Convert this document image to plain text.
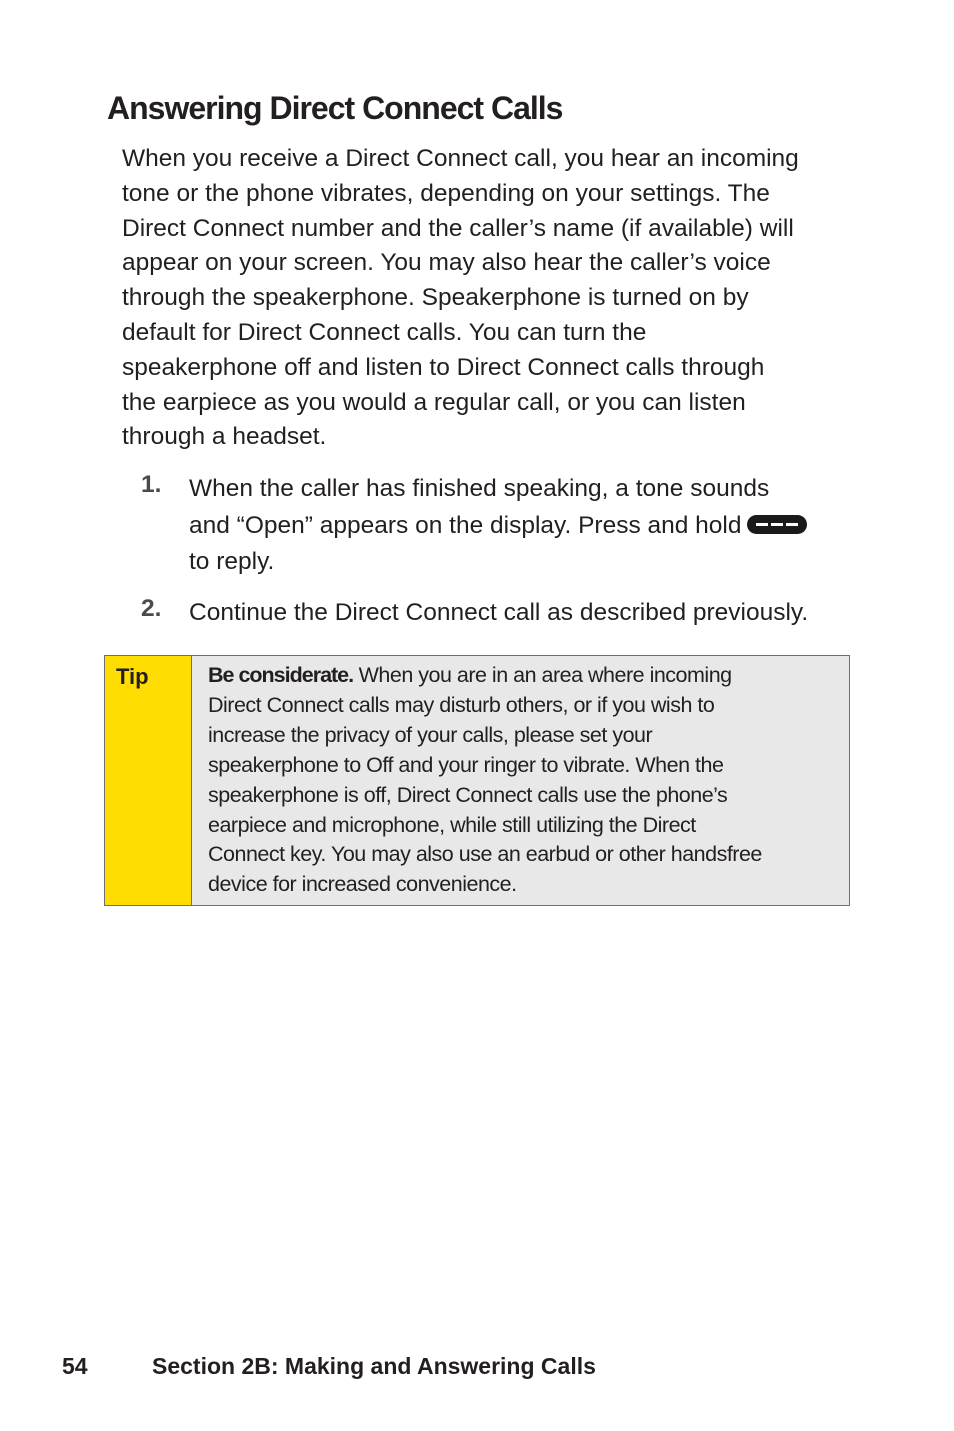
Answering Direct Connect Calls

When you receive a Direct Connect call, you hear an incoming
tone or the phone vibrates, depending on your settings. The
Direct Connect number and the caller’s name (if available) will
appear on your screen. You may also hear the caller’s voice
through the speakerphone. Speakerphone is turned on by
default for Direct Connect calls. You can turn the
speakerphone off and listen to Direct Connect calls through
the earpiece as you would a regular call, or you can listen
through a headset.

1. When the caller has finished speaking, a tone sounds
and “Open” appears on the display. Press and hold
to reply.
2. Continue the Direct Connect call as described previously.
Tip	Be considerate. When you are in an area where incoming
Direct Connect calls may disturb others, or if you wish to
increase the privacy of your calls, please set your
speakerphone to Off and your ringer to vibrate. When the
speakerphone is off, Direct Connect calls use the phone’s
earpiece and microphone, while still utilizing the Direct
Connect key. You may also use an earbud or other handsfree
device for increased convenience.
54	Section 2B: Making and Answering Calls
